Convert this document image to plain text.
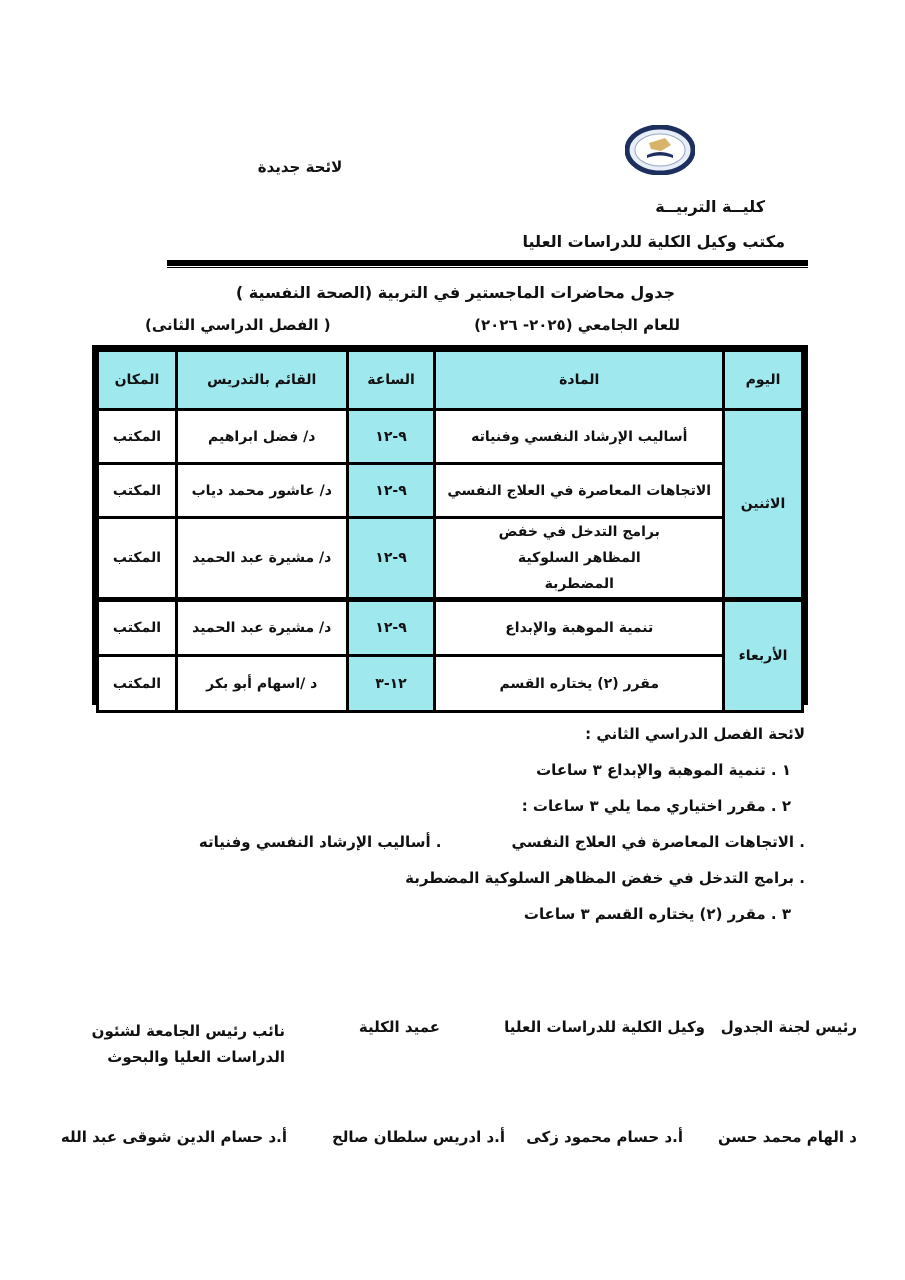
لائحة جديدة
كليــة التربيــة
مكتب وكيل الكلية للدراسات العليا
جدول محاضرات الماجستير في التربية (الصحة النفسية )
للعام الجامعي (٢٠٢٥- ٢٠٢٦)
( الفصل الدراسي الثانى)
اليوم	المادة	الساعة	القائم بالتدريس	المكان
الاثنين	أساليب الإرشاد النفسي وفنياته	٩-١٢	د/ فضل ابراهيم	المكتب
	الاتجاهات المعاصرة في العلاج النفسي	٩-١٢	د/ عاشور محمد دياب	المكتب
	برامج التدخل في خفض المظاهر السلوكية المضطربة	٩-١٢	د/ مشيرة عبد الحميد	المكتب
الأربعاء	تنمية الموهبة والإبداع	٩-١٢	د/ مشيرة عبد الحميد	المكتب
	مقرر (٢) يختاره القسم	١٢-٣	د /اسهام أبو بكر	المكتب
لائحة الفصل الدراسي الثاني :
١ . تنمية الموهبة والإبداع ٣ ساعات
٢ . مقرر اختياري مما يلي ٣ ساعات :
. الاتجاهات المعاصرة في العلاج النفسي. أساليب الإرشاد النفسي وفنياته
. برامج التدخل في خفض المظاهر السلوكية المضطربة
٣ . مقرر (٢) يختاره القسم ٣ ساعات
رئيس لجنة الجدول
وكيل الكلية للدراسات العليا
عميد الكلية
نائب رئيس الجامعة لشئون
الدراسات العليا والبحوث
د الهام محمد حسن
أ.د حسام محمود زكى
أ.د ادريس سلطان صالح
أ.د حسام الدين شوقى عبد الله
